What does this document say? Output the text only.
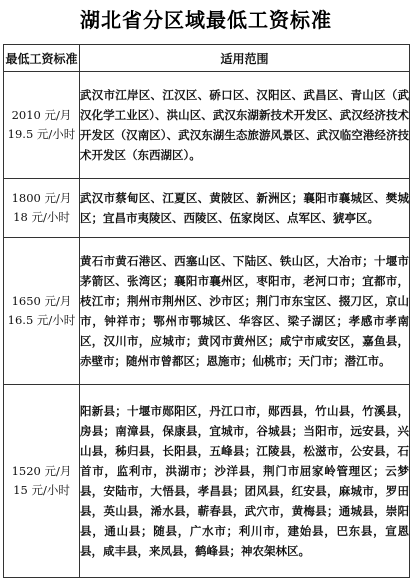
湖北省分区域最低工资标准
最低工资标准	适用范围

2010 元/月
19.5 元/小时	武汉市江岸区、江汉区、硚口区、汉阳区、武昌区、青山区（武汉化学工业区）、洪山区、武汉东湖新技术开发区、武汉经济技术开发区（汉南区）、武汉东湖生态旅游风景区、武汉临空港经济技术开发区（东西湖区）。

1800 元/月
18 元/小时	武汉市蔡甸区、江夏区、黄陂区、新洲区；襄阳市襄城区、樊城区；宜昌市夷陵区、西陵区、伍家岗区、点军区、猇亭区。

1650 元/月
16.5 元/小时	黄石市黄石港区、西塞山区、下陆区、铁山区，大冶市；十堰市茅箭区、张湾区；襄阳市襄州区，枣阳市，老河口市；宜都市，枝江市；荆州市荆州区、沙市区；荆门市东宝区、掇刀区，京山市，钟祥市；鄂州市鄂城区、华容区、梁子湖区；孝感市孝南区，汉川市，应城市；黄冈市黄州区；咸宁市咸安区，嘉鱼县，赤壁市；随州市曾都区；恩施市；仙桃市；天门市；潜江市。

1520 元/月
15 元/小时	阳新县；十堰市郧阳区，丹江口市，郧西县，竹山县，竹溪县，房县；南漳县，保康县，宜城市，谷城县；当阳市，远安县，兴山县，秭归县，长阳县，五峰县；江陵县，松滋市，公安县，石首市，监利市，洪湖市；沙洋县，荆门市屈家岭管理区；云梦县，安陆市，大悟县，孝昌县；团风县，红安县，麻城市，罗田县，英山县，浠水县，蕲春县，武穴市，黄梅县；通城县，崇阳县，通山县；随县，广水市；利川市，建始县，巴东县，宣恩县，咸丰县，来凤县，鹤峰县；神农架林区。
